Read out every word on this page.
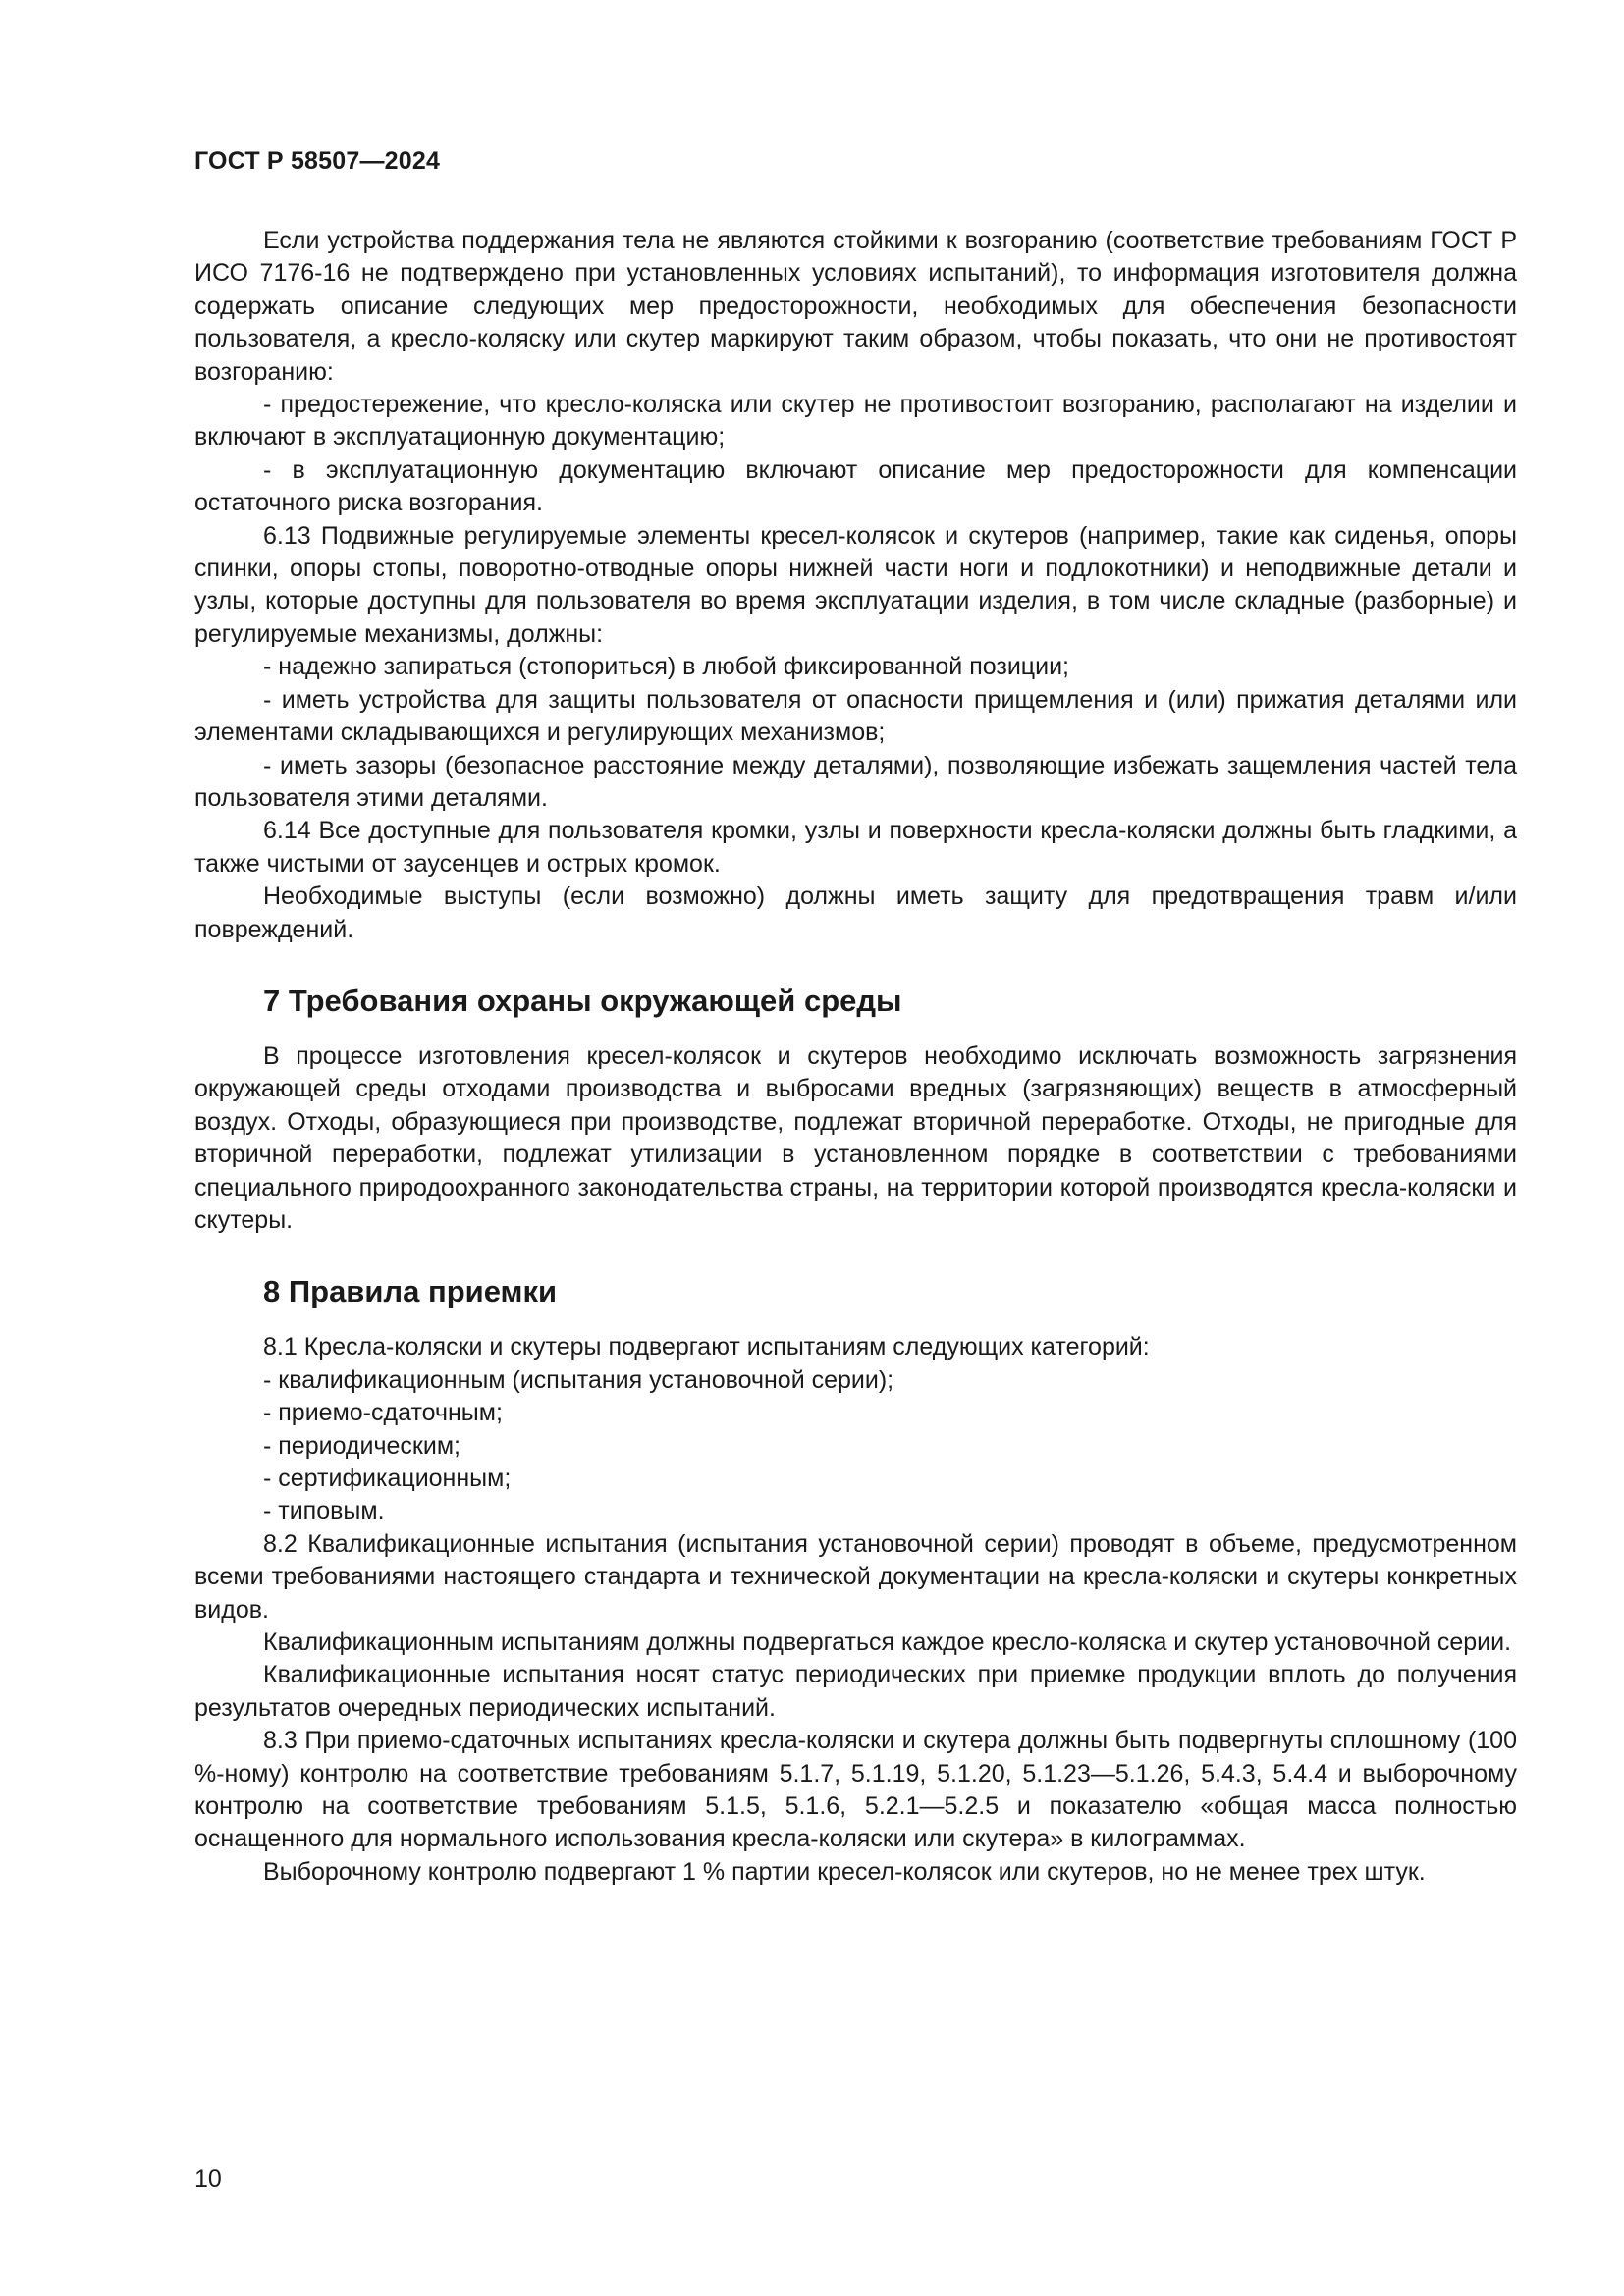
ГОСТ Р 58507—2024

Если устройства поддержания тела не являются стойкими к возгоранию (соответствие требованиям ГОСТ Р ИСО 7176-16 не подтверждено при установленных условиях испытаний), то информация изготовителя должна содержать описание следующих мер предосторожности, необходимых для обеспечения безопасности пользователя, а кресло-коляску или скутер маркируют таким образом, чтобы показать, что они не противостоят возгоранию:

- предостережение, что кресло-коляска или скутер не противостоит возгоранию, располагают на изделии и включают в эксплуатационную документацию;

- в эксплуатационную документацию включают описание мер предосторожности для компенсации остаточного риска возгорания.

6.13 Подвижные регулируемые элементы кресел-колясок и скутеров (например, такие как сиденья, опоры спинки, опоры стопы, поворотно-отводные опоры нижней части ноги и подлокотники) и неподвижные детали и узлы, которые доступны для пользователя во время эксплуатации изделия, в том числе складные (разборные) и регулируемые механизмы, должны:

- надежно запираться (стопориться) в любой фиксированной позиции;

- иметь устройства для защиты пользователя от опасности прищемления и (или) прижатия деталями или элементами складывающихся и регулирующих механизмов;

- иметь зазоры (безопасное расстояние между деталями), позволяющие избежать защемления частей тела пользователя этими деталями.

6.14 Все доступные для пользователя кромки, узлы и поверхности кресла-коляски должны быть гладкими, а также чистыми от заусенцев и острых кромок.

Необходимые выступы (если возможно) должны иметь защиту для предотвращения травм и/или повреждений.

7 Требования охраны окружающей среды

В процессе изготовления кресел-колясок и скутеров необходимо исключать возможность загрязнения окружающей среды отходами производства и выбросами вредных (загрязняющих) веществ в атмосферный воздух. Отходы, образующиеся при производстве, подлежат вторичной переработке. Отходы, не пригодные для вторичной переработки, подлежат утилизации в установленном порядке в соответствии с требованиями специального природоохранного законодательства страны, на территории которой производятся кресла-коляски и скутеры.

8 Правила приемки

8.1 Кресла-коляски и скутеры подвергают испытаниям следующих категорий:

- квалификационным (испытания установочной серии);

- приемо-сдаточным;

- периодическим;

- сертификационным;

- типовым.

8.2 Квалификационные испытания (испытания установочной серии) проводят в объеме, предусмотренном всеми требованиями настоящего стандарта и технической документации на кресла-коляски и скутеры конкретных видов.

Квалификационным испытаниям должны подвергаться каждое кресло-коляска и скутер установочной серии.

Квалификационные испытания носят статус периодических при приемке продукции вплоть до получения результатов очередных периодических испытаний.

8.3 При приемо-сдаточных испытаниях кресла-коляски и скутера должны быть подвергнуты сплошному (100 %-ному) контролю на соответствие требованиям 5.1.7, 5.1.19, 5.1.20, 5.1.23—5.1.26, 5.4.3, 5.4.4 и выборочному контролю на соответствие требованиям 5.1.5, 5.1.6, 5.2.1—5.2.5 и показателю «общая масса полностью оснащенного для нормального использования кресла-коляски или скутера» в килограммах.

Выборочному контролю подвергают 1 % партии кресел-колясок или скутеров, но не менее трех штук.

10
